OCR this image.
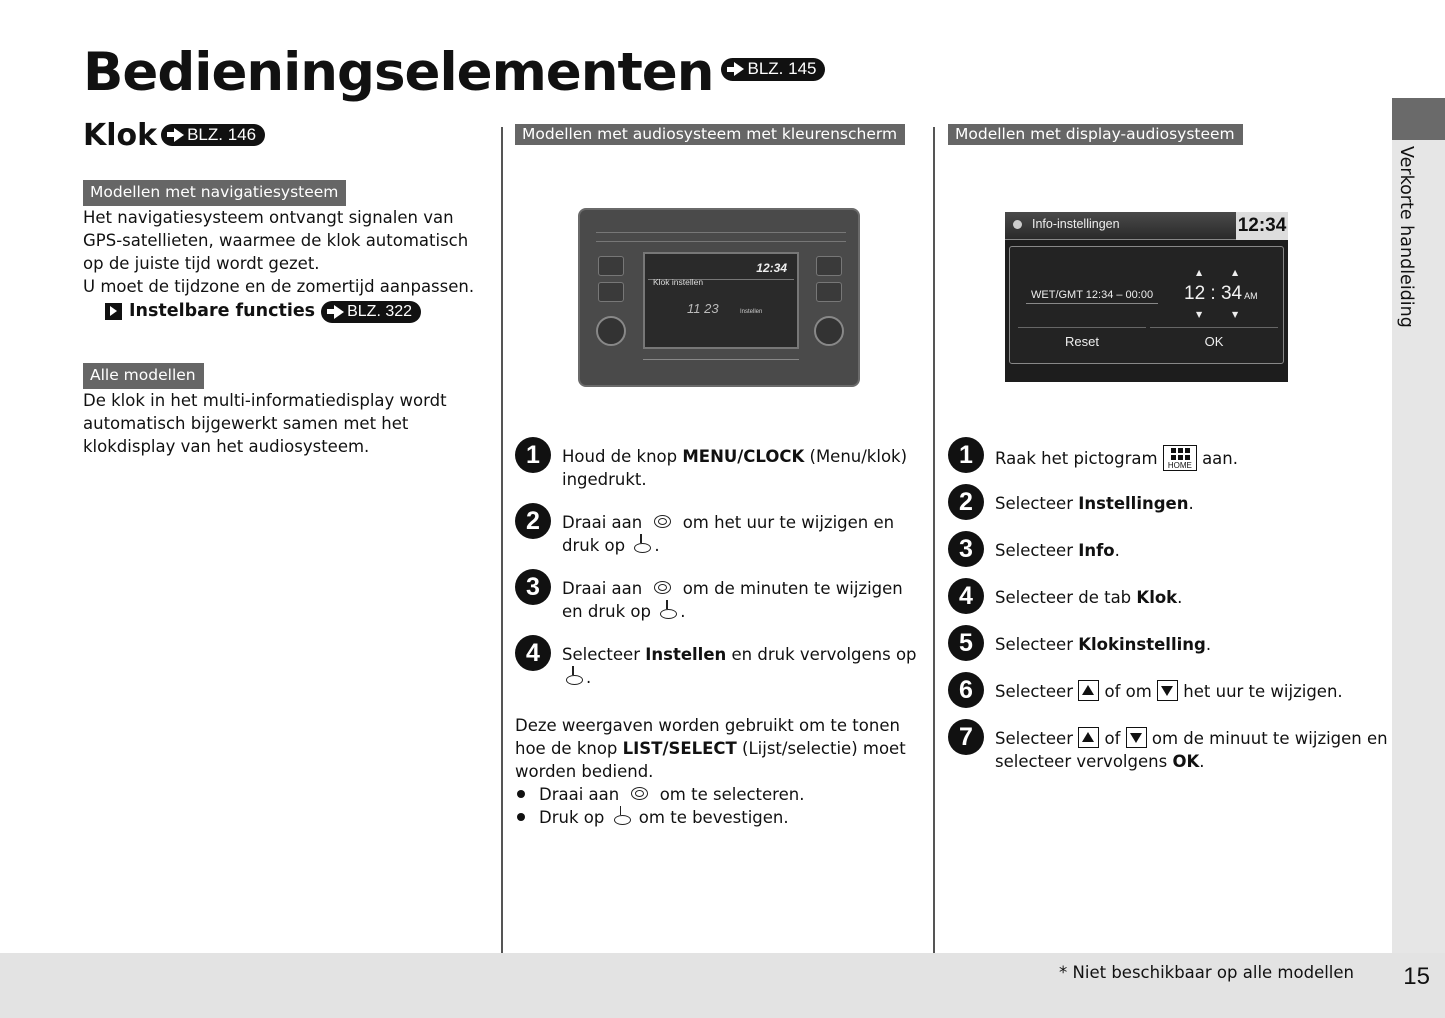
Bedieningselementen BLZ. 145
Klok BLZ. 146
Modellen met navigatiesysteem

Het navigatiesysteem ontvangt signalen van GPS-satellieten, waarmee de klok automatisch op de juiste tijd wordt gezet.

U moet de tijdzone en de zomertijd aanpassen.

Instelbare functies BLZ. 322
Alle modellen

De klok in het multi-informatiedisplay wordt automatisch bijgewerkt samen met het klokdisplay van het audiosysteem.

Modellen met audiosysteem met kleurenscherm
12:34
Klok instellen
11 23	Instellen
1	Houd de knop MENU/CLOCK (Menu/klok) ingedrukt.
2	Draai aan  om het uur te wijzigen en druk op .
3	Draai aan  om de minuten te wijzigen en druk op .
4	Selecteer Instellen en druk vervolgens op .

Deze weergaven worden gebruikt om te tonen hoe de knop LIST/SELECT (Lijst/selectie) moet worden bediend.

Draai aan  om te selecteren.
Druk op  om te bevestigen.
Modellen met display-audiosysteem
Info-instellingen	12:34
WET/GMT 12:34 – 00:00
▲	▲
12 : 34 AM
▼	▼
Reset	OK
1	Raak het pictogram HOME aan.
2	Selecteer Instellingen.
3	Selecteer Info.
4	Selecteer de tab Klok.
5	Selecteer Klokinstelling.
6	Selecteer  of om  het uur te wijzigen.
7	Selecteer  of  om de minuut te wijzigen en selecteer vervolgens OK.
Verkorte handleiding
* Niet beschikbaar op alle modellen 15
